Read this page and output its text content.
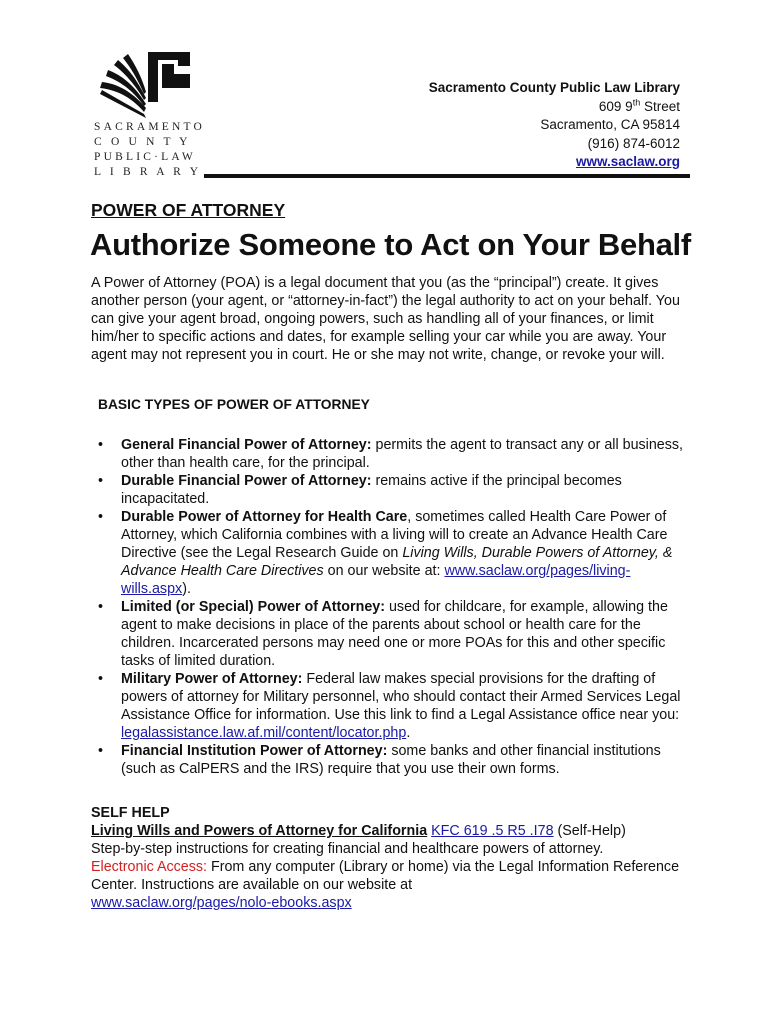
SACRAMENTO
C O U N T Y
PUBLIC·LAW
L I B R A R Y
Sacramento County Public Law Library
609 9th Street
Sacramento, CA 95814
(916) 874-6012
www.saclaw.org
POWER OF ATTORNEY
Authorize Someone to Act on Your Behalf
A Power of Attorney (POA) is a legal document that you (as the “principal”) create. It gives another person (your agent, or “attorney-in-fact”) the legal authority to act on your behalf. You can give your agent broad, ongoing powers, such as handling all of your finances, or limit him/her to specific actions and dates, for example selling your car while you are away. Your agent may not represent you in court. He or she may not write, change, or revoke your will.
BASIC TYPES OF POWER OF ATTORNEY
• General Financial Power of Attorney: permits the agent to transact any or all business, other than health care, for the principal.
• Durable Financial Power of Attorney: remains active if the principal becomes incapacitated.
• Durable Power of Attorney for Health Care, sometimes called Health Care Power of Attorney, which California combines with a living will to create an Advance Health Care Directive (see the Legal Research Guide on Living Wills, Durable Powers of Attorney, & Advance Health Care Directives on our website at: www.saclaw.org/pages/living-wills.aspx).
• Limited (or Special) Power of Attorney: used for childcare, for example, allowing the agent to make decisions in place of the parents about school or health care for the children. Incarcerated persons may need one or more POAs for this and other specific tasks of limited duration.
• Military Power of Attorney: Federal law makes special provisions for the drafting of powers of attorney for Military personnel, who should contact their Armed Services Legal Assistance Office for information. Use this link to find a Legal Assistance office near you: legalassistance.law.af.mil/content/locator.php.
• Financial Institution Power of Attorney: some banks and other financial institutions (such as CalPERS and the IRS) require that you use their own forms.
SELF HELP
Living Wills and Powers of Attorney for California KFC 619 .5 R5 .I78 (Self-Help)
Step-by-step instructions for creating financial and healthcare powers of attorney.
Electronic Access: From any computer (Library or home) via the Legal Information Reference Center. Instructions are available on our website at
www.saclaw.org/pages/nolo-ebooks.aspx
